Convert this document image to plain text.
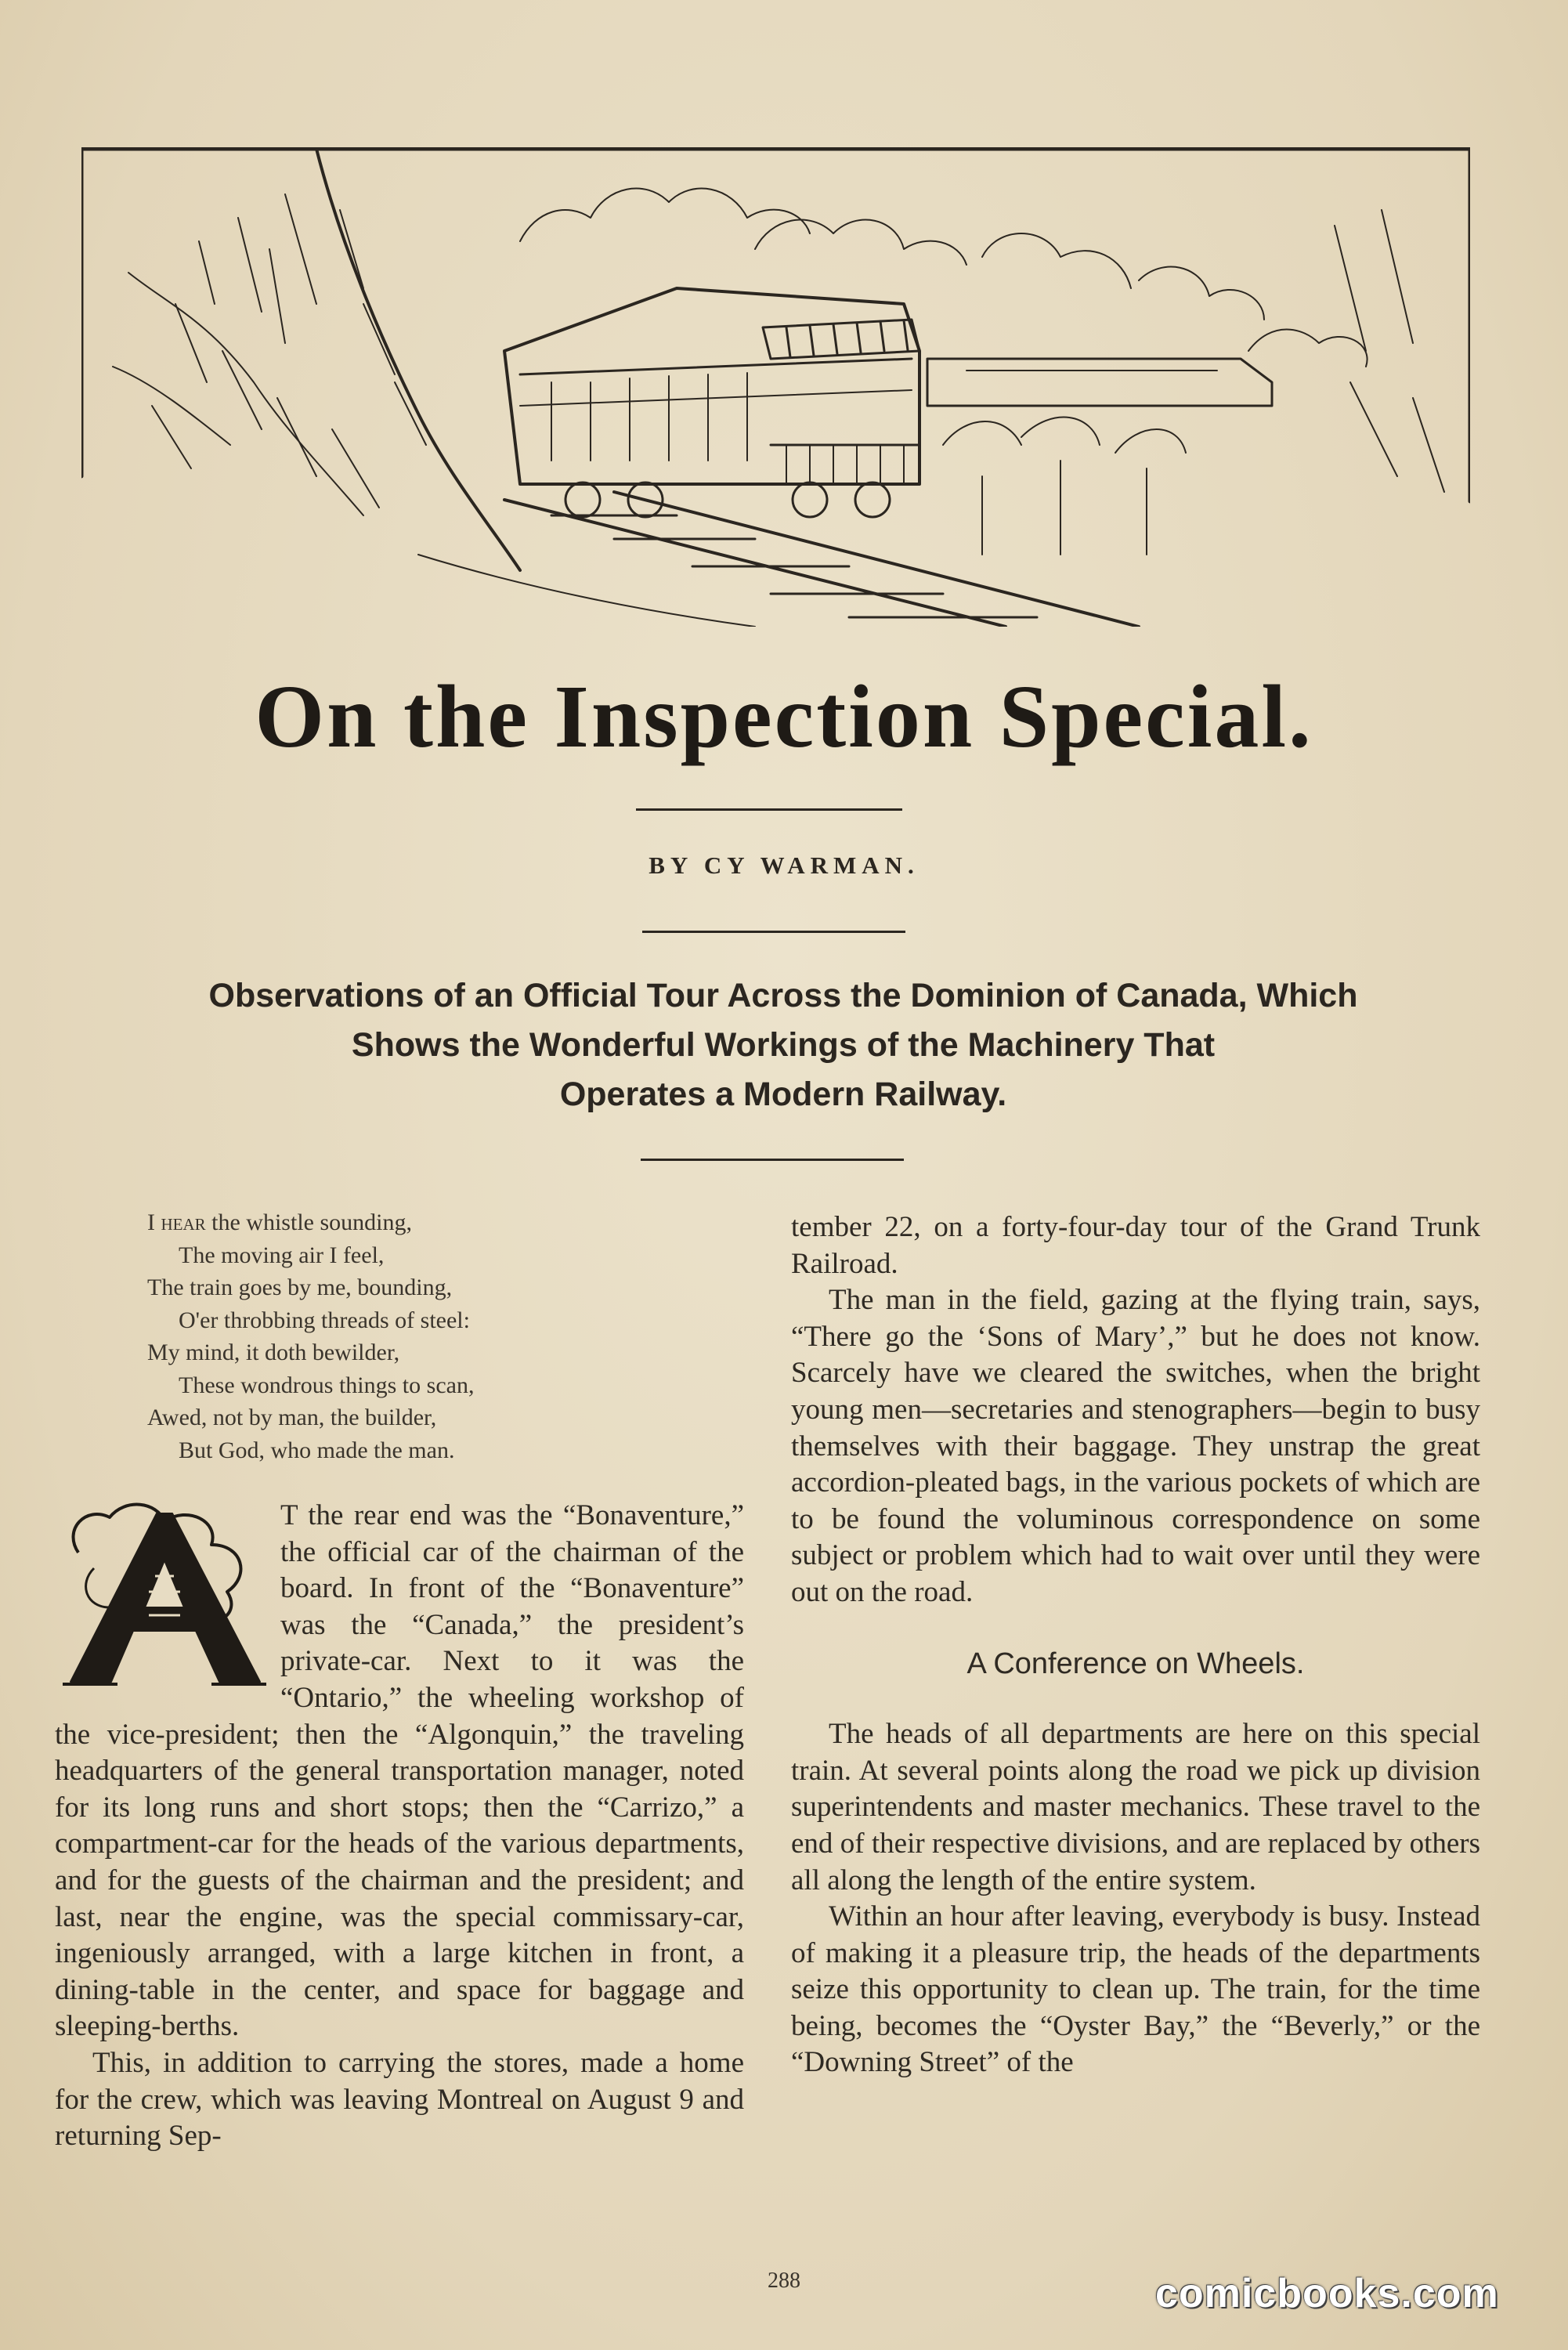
On the Inspection Special.
BY CY WARMAN.
Observations of an Official Tour Across the Dominion of Canada, Which
Shows the Wonderful Workings of the Machinery That
Operates a Modern Railway.
I hear the whistle sounding,
The moving air I feel,
The train goes by me, bounding,
O'er throbbing threads of steel:
My mind, it doth bewilder,
These wondrous things to scan,
Awed, not by man, the builder,
But God, who made the man.

T the rear end was the “Bonaventure,” the official car of the chairman of the board. In front of the “Bonaventure” was the “Canada,” the president’s private-car. Next to it was the “Ontario,” the wheeling workshop of the vice-president; then the “Algonquin,” the traveling headquarters of the general transportation manager, noted for its long runs and short stops; then the “Carrizo,” a compartment-car for the heads of the various departments, and for the guests of the chairman and the president; and last, near the engine, was the special commissary-car, ingeniously arranged, with a large kitchen in front, a dining-table in the center, and space for baggage and sleeping-berths.

This, in addition to carrying the stores, made a home for the crew, which was leaving Montreal on August 9 and returning Sep-

tember 22, on a forty-four-day tour of the Grand Trunk Railroad.

The man in the field, gazing at the flying train, says, “There go the ‘Sons of Mary’,” but he does not know. Scarcely have we cleared the switches, when the bright young men—secretaries and stenographers—begin to busy themselves with their baggage. They unstrap the great accordion-pleated bags, in the various pockets of which are to be found the voluminous correspondence on some subject or problem which had to wait over until they were out on the road.

A Conference on Wheels.

The heads of all departments are here on this special train. At several points along the road we pick up division superintendents and master mechanics. These travel to the end of their respective divisions, and are replaced by others all along the length of the entire system.

Within an hour after leaving, everybody is busy. Instead of making it a pleasure trip, the heads of the departments seize this opportunity to clean up. The train, for the time being, becomes the “Oyster Bay,” the “Beverly,” or the “Downing Street” of the

288	comicbooks.com
